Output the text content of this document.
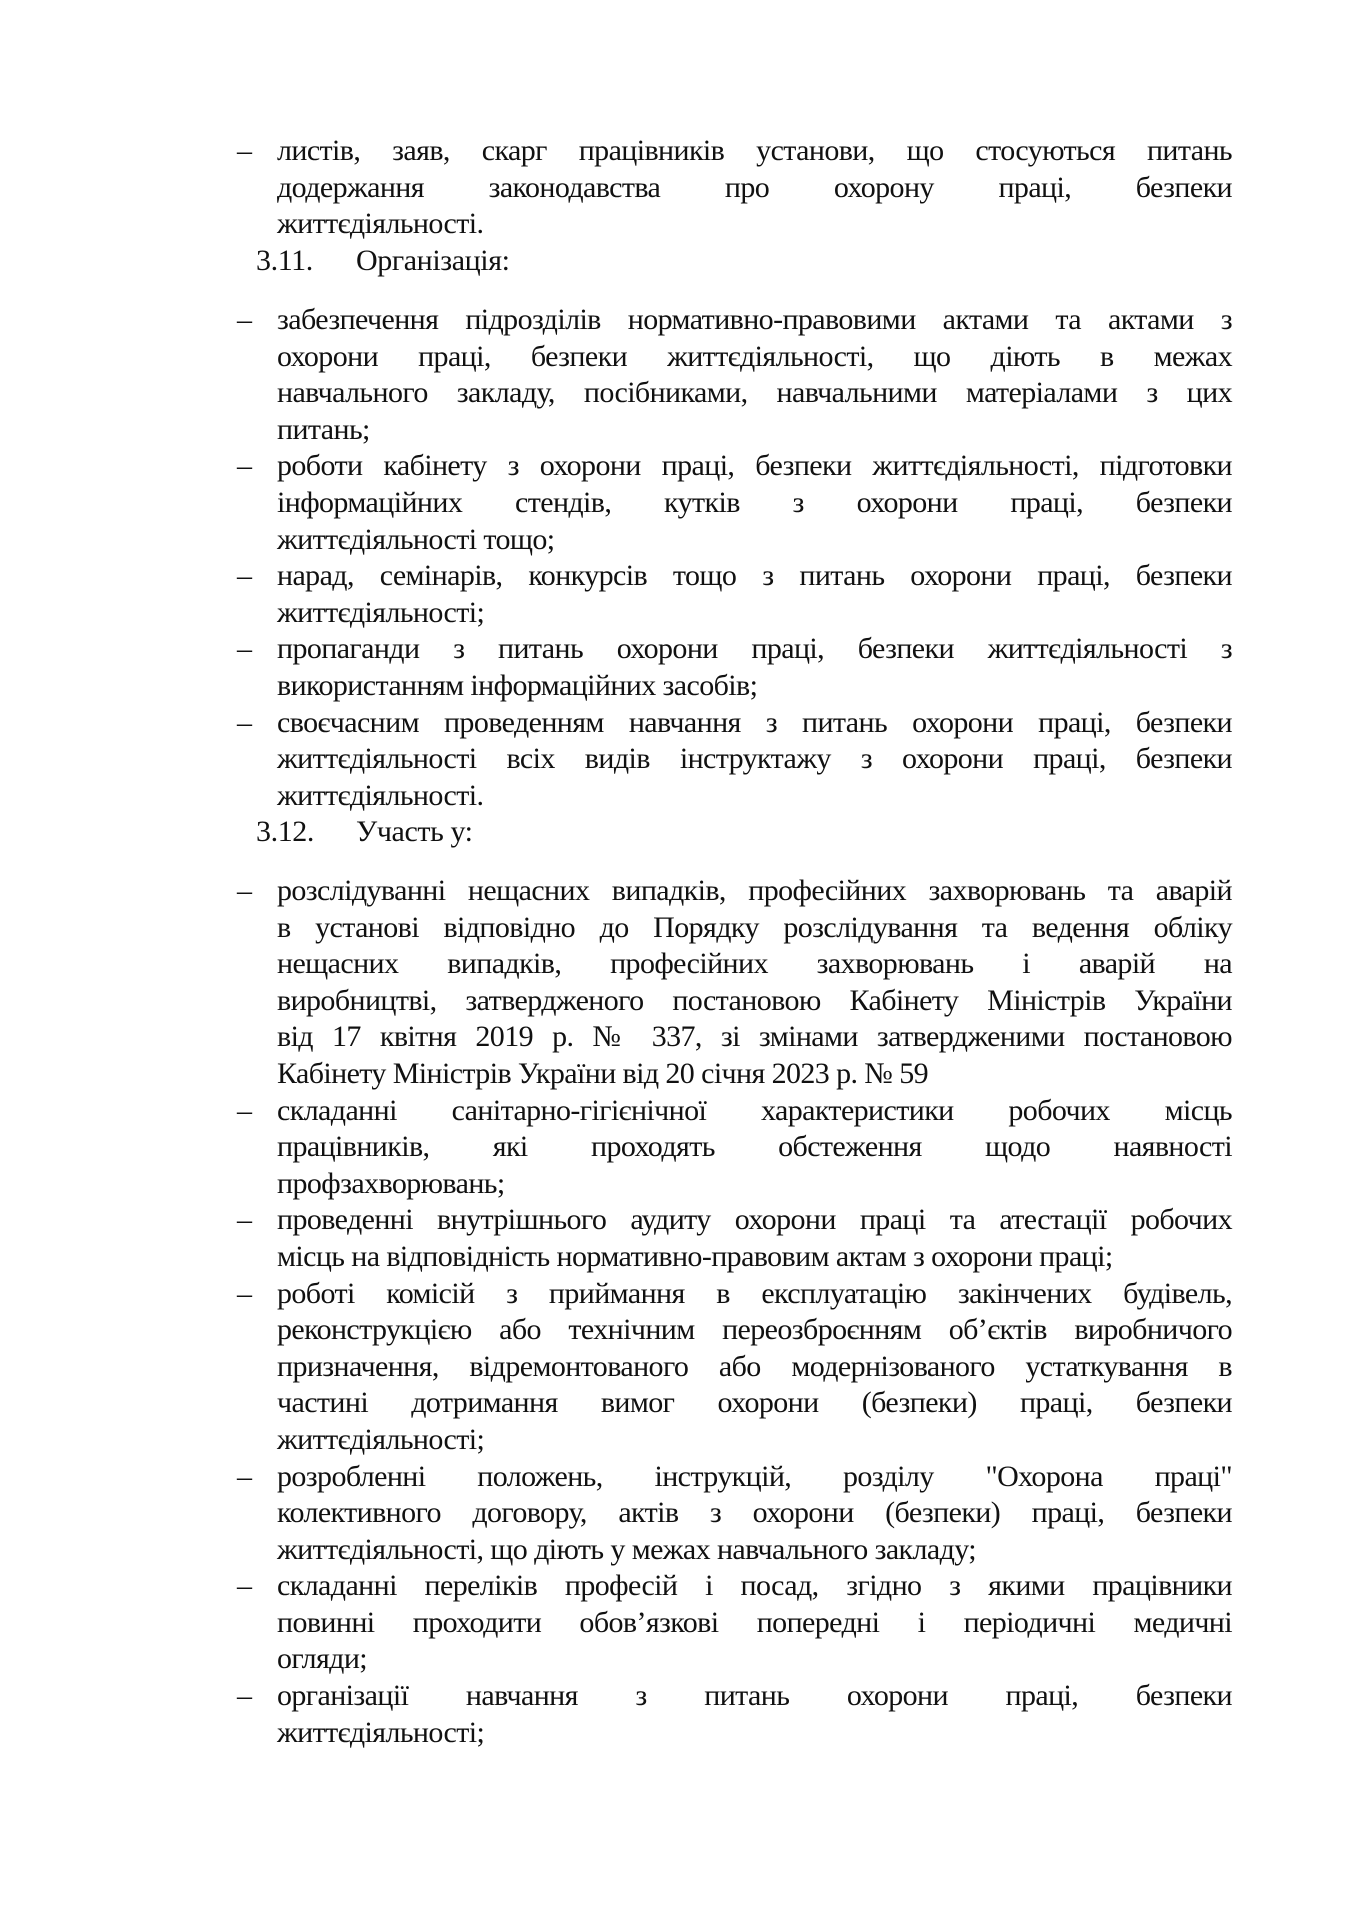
– листів, заяв, скарг працівників установи, що стосуються питань
додержання законодавства про охорону праці, безпеки
життєдіяльності.
3.11. Організація:
– забезпечення підрозділів нормативно-правовими актами та актами з
охорони праці, безпеки життєдіяльності, що діють в межах
навчального закладу, посібниками, навчальними матеріалами з цих
питань;
– роботи кабінету з охорони праці, безпеки життєдіяльності, підготовки
інформаційних стендів, кутків з охорони праці, безпеки
життєдіяльності тощо;
– нарад, семінарів, конкурсів тощо з питань охорони праці, безпеки
життєдіяльності;
– пропаганди з питань охорони праці, безпеки життєдіяльності з
використанням інформаційних засобів;
– своєчасним проведенням навчання з питань охорони праці, безпеки
життєдіяльності всіх видів інструктажу з охорони праці, безпеки
життєдіяльності.
3.12. Участь у:
– розслідуванні нещасних випадків, професійних захворювань та аварій
в установі відповідно до Порядку розслідування та ведення обліку
нещасних випадків, професійних захворювань і аварій на
виробництві, затвердженого постановою Кабінету Міністрів України
від 17 квітня 2019 р. № 337, зі змінами затвердженими постановою
Кабінету Міністрів України від 20 січня 2023 р. № 59
– складанні санітарно-гігієнічної характеристики робочих місць
працівників, які проходять обстеження щодо наявності
профзахворювань;
– проведенні внутрішнього аудиту охорони праці та атестації робочих
місць на відповідність нормативно-правовим актам з охорони праці;
– роботі комісій з приймання в експлуатацію закінчених будівель,
реконструкцією або технічним переозброєнням об’єктів виробничого
призначення, відремонтованого або модернізованого устаткування в
частині дотримання вимог охорони (безпеки) праці, безпеки
життєдіяльності;
– розробленні положень, інструкцій, розділу "Охорона праці"
колективного договору, актів з охорони (безпеки) праці, безпеки
життєдіяльності, що діють у межах навчального закладу;
– складанні переліків професій і посад, згідно з якими працівники
повинні проходити обов’язкові попередні і періодичні медичні
огляди;
– організації навчання з питань охорони праці, безпеки
життєдіяльності;
